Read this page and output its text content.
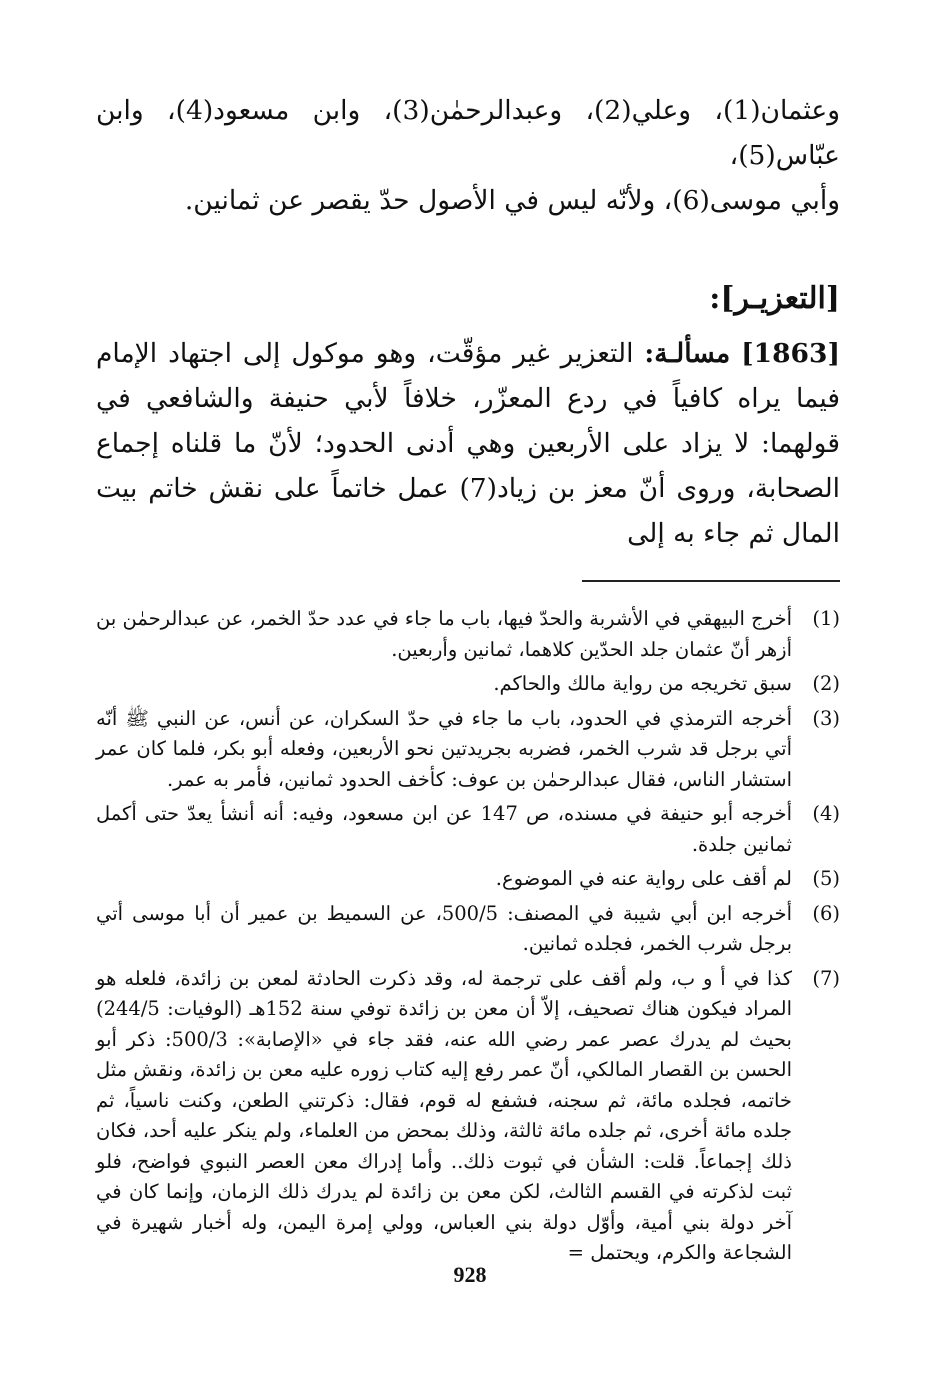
وعثمان(1)، وعلي(2)، وعبدالرحمٰن(3)، وابن مسعود(4)، وابن عبّاس(5)،

وأبي موسى(6)، ولأنّه ليس في الأصول حدّ يقصر عن ثمانين.

[التعزيـر]:

[1863] مسألـة: التعزير غير مؤقّت، وهو موكول إلى اجتهاد الإمام فيما يراه كافياً في ردع المعزّر، خلافاً لأبي حنيفة والشافعي في قولهما: لا يزاد على الأربعين وهي أدنى الحدود؛ لأنّ ما قلناه إجماع الصحابة، وروى أنّ معز بن زياد(7) عمل خاتماً على نقش خاتم بيت المال ثم جاء به إلى

(1)
أخرج البيهقي في الأشربة والحدّ فيها، باب ما جاء في عدد حدّ الخمر، عن عبدالرحمٰن بن أزهر أنّ عثمان جلد الحدّين كلاهما، ثمانين وأربعين.
(2)
سبق تخريجه من رواية مالك والحاكم.
(3)
أخرجه الترمذي في الحدود، باب ما جاء في حدّ السكران، عن أنس، عن النبي ﷺ أنّه أتي برجل قد شرب الخمر، فضربه بجريدتين نحو الأربعين، وفعله أبو بكر، فلما كان عمر استشار الناس، فقال عبدالرحمٰن بن عوف: كأخف الحدود ثمانين، فأمر به عمر.
(4)
أخرجه أبو حنيفة في مسنده، ص 147 عن ابن مسعود، وفيه: أنه أنشأ يعدّ حتى أكمل ثمانين جلدة.
(5)
لم أقف على رواية عنه في الموضوع.
(6)
أخرجه ابن أبي شيبة في المصنف: 500/5، عن السميط بن عمير أن أبا موسى أتي برجل شرب الخمر، فجلده ثمانين.
(7)
كذا في أ و ب، ولم أقف على ترجمة له، وقد ذكرت الحادثة لمعن بن زائدة، فلعله هو المراد فيكون هناك تصحيف، إلاّ أن معن بن زائدة توفي سنة 152هـ (الوفيات: 244/5) بحيث لم يدرك عصر عمر رضي الله عنه، فقد جاء في «الإصابة»: 500/3: ذكر أبو الحسن بن القصار المالكي، أنّ عمر رفع إليه كتاب زوره عليه معن بن زائدة، ونقش مثل خاتمه، فجلده مائة، ثم سجنه، فشفع له قوم، فقال: ذكرتني الطعن، وكنت ناسياً، ثم جلده مائة أخرى، ثم جلده مائة ثالثة، وذلك بمحض من العلماء، ولم ينكر عليه أحد، فكان ذلك إجماعاً. قلت: الشأن في ثبوت ذلك.. وأما إدراك معن العصر النبوي فواضح، فلو ثبت لذكرته في القسم الثالث، لكن معن بن زائدة لم يدرك ذلك الزمان، وإنما كان في آخر دولة بني أمية، وأوّل دولة بني العباس، وولي إمرة اليمن، وله أخبار شهيرة في الشجاعة والكرم، ويحتمل =
928
